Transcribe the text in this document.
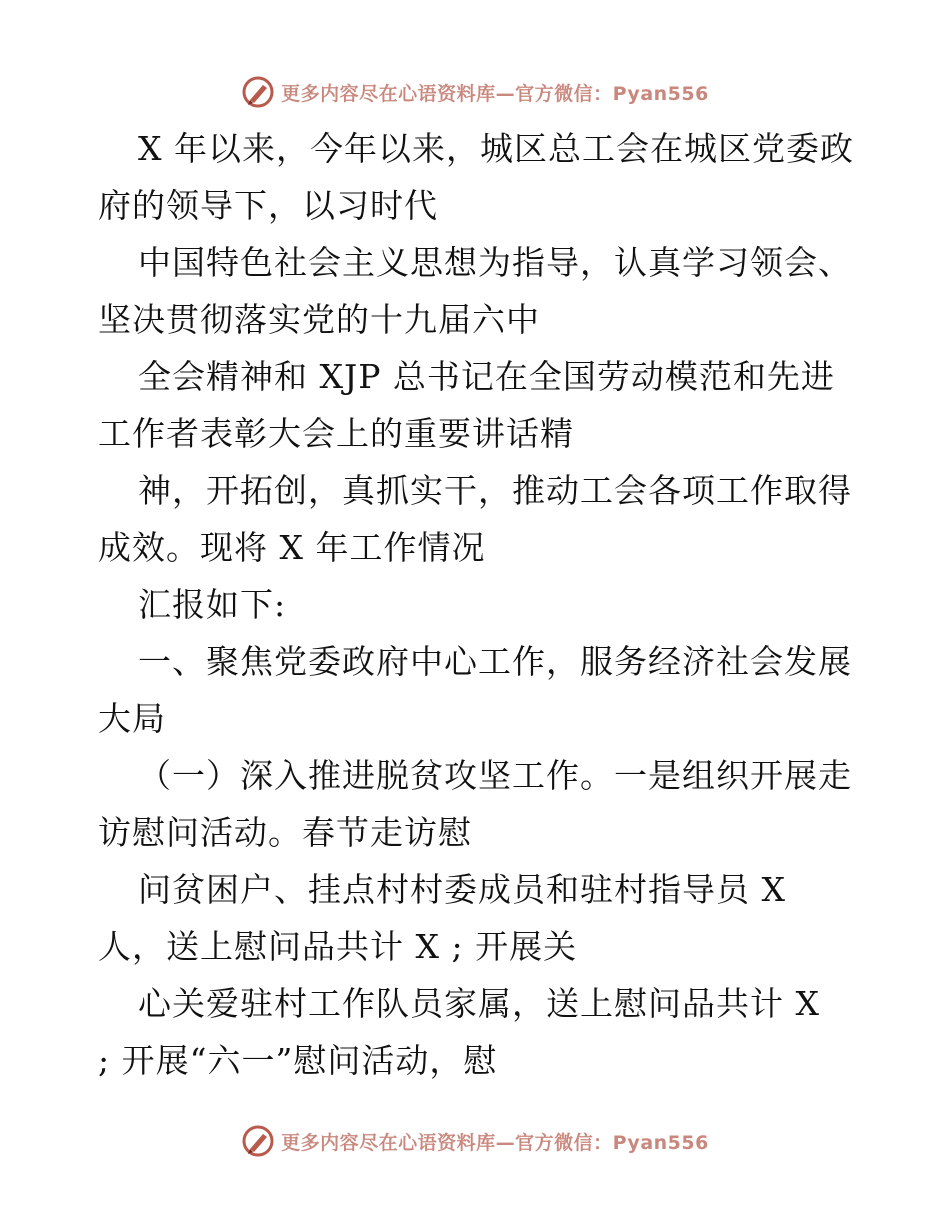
更多内容尽在心语资料库—官方微信：Pyan556
X 年以来，今年以来，城区总工会在城区党委政
府的领导下，以习时代
中国特色社会主义思想为指导，认真学习领会、
坚决贯彻落实党的十九届六中
全会精神和 XJP 总书记在全国劳动模范和先进
工作者表彰大会上的重要讲话精
神，开拓创，真抓实干，推动工会各项工作取得
成效。现将 X 年工作情况
汇报如下:
一、聚焦党委政府中心工作，服务经济社会发展
大局
（一）深入推进脱贫攻坚工作。一是组织开展走
访慰问活动。春节走访慰
问贫困户、挂点村村委成员和驻村指导员 X
人，送上慰问品共计 X ; 开展关
心关爱驻村工作队员家属，送上慰问品共计 X
; 开展“六一”慰问活动，慰
更多内容尽在心语资料库—官方微信：Pyan556
